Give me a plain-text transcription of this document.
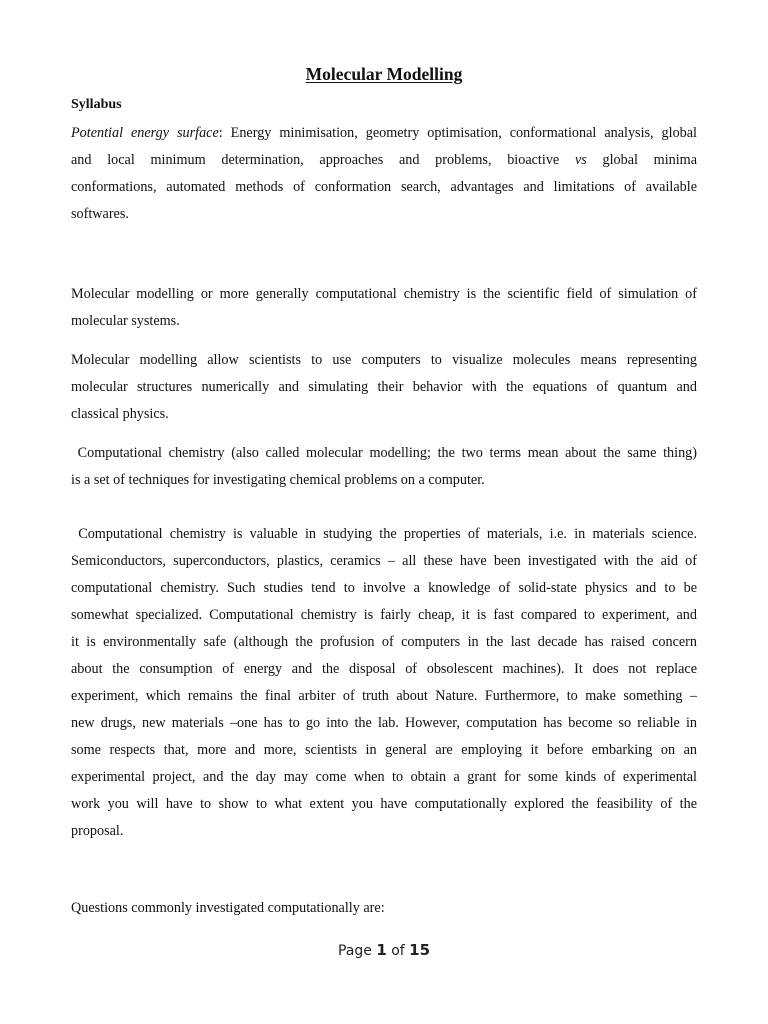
Molecular Modelling

Syllabus

Potential energy surface: Energy minimisation, geometry optimisation, conformational analysis, global
and local minimum determination, approaches and problems, bioactive vs global minima
conformations, automated methods of conformation search, advantages and limitations of available
softwares.

Molecular modelling or more generally computational chemistry is the scientific field of simulation of
molecular systems.

Molecular modelling allow scientists to use computers to visualize molecules means representing
molecular structures numerically and simulating their behavior with the equations of quantum and
classical physics.

Computational chemistry (also called molecular modelling; the two terms mean about the same thing)
is a set of techniques for investigating chemical problems on a computer.

Computational chemistry is valuable in studying the properties of materials, i.e. in materials science.
Semiconductors, superconductors, plastics, ceramics – all these have been investigated with the aid of
computational chemistry. Such studies tend to involve a knowledge of solid-state physics and to be
somewhat specialized. Computational chemistry is fairly cheap, it is fast compared to experiment, and
it is environmentally safe (although the profusion of computers in the last decade has raised concern
about the consumption of energy and the disposal of obsolescent machines). It does not replace
experiment, which remains the final arbiter of truth about Nature. Furthermore, to make something –
new drugs, new materials –one has to go into the lab. However, computation has become so reliable in
some respects that, more and more, scientists in general are employing it before embarking on an
experimental project, and the day may come when to obtain a grant for some kinds of experimental
work you will have to show to what extent you have computationally explored the feasibility of the
proposal.

Questions commonly investigated computationally are:

Page 1 of 15
